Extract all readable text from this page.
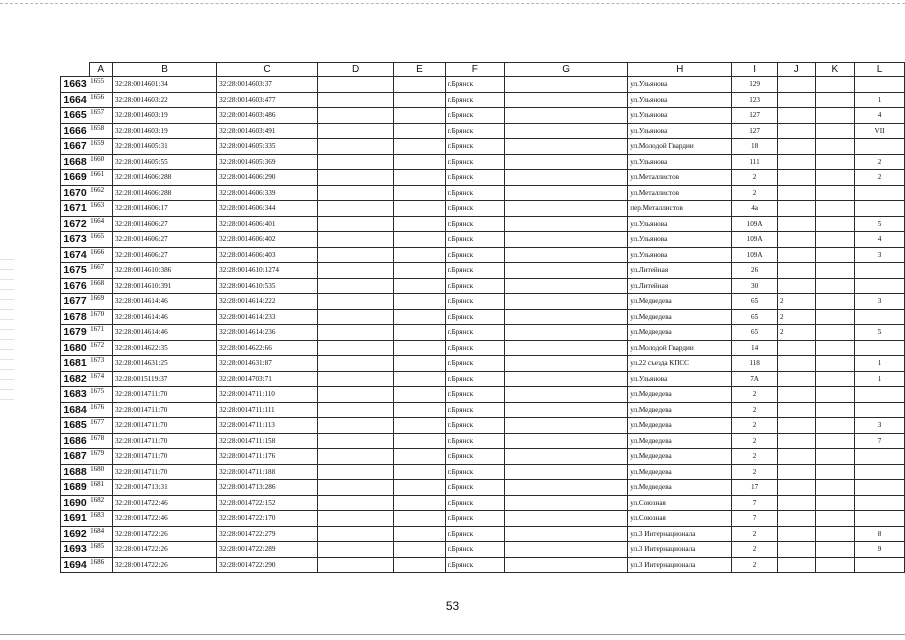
	A	B	C	D	E	F	G	H	I	J	K	L
1663	1655	32:28:0014601:34	32:28:0014603:37			г.Брянск		ул.Ульянова	129			
1664	1656	32:28:0014603:22	32:28:0014603:477			г.Брянск		ул.Ульянова	123			1
1665	1657	32:28:0014603:19	32:28:0014603:486			г.Брянск		ул.Ульянова	127			4
1666	1658	32:28:0014603:19	32:28:0014603:491			г.Брянск		ул.Ульянова	127			VII
1667	1659	32:28:0014605:31	32:28:0014605:335			г.Брянск		ул.Молодой Гвардии	18			
1668	1660	32:28:0014605:55	32:28:0014605:369			г.Брянск		ул.Ульянова	111			2
1669	1661	32:28:0014606:288	32:28:0014606:290			г.Брянск		ул.Металлистов	2			2
1670	1662	32:28:0014606:288	32:28:0014606:339			г.Брянск		ул.Металлистов	2			
1671	1663	32:28:0014606:17	32:28:0014606:344			г.Брянск		пер.Металлистов	4а			
1672	1664	32:28:0014606:27	32:28:0014606:401			г.Брянск		ул.Ульянова	109А			5
1673	1665	32:28:0014606:27	32:28:0014606:402			г.Брянск		ул.Ульянова	109А			4
1674	1666	32:28:0014606:27	32:28:0014606:403			г.Брянск		ул.Ульянова	109А			3
1675	1667	32:28:0014610:386	32:28:0014610:1274			г.Брянск		ул.Литейная	26			
1676	1668	32:28:0014610:391	32:28:0014610:535			г.Брянск		ул.Литейная	30			
1677	1669	32:28:0014614:46	32:28:0014614:222			г.Брянск		ул.Медведева	65	2		3
1678	1670	32:28:0014614:46	32:28:0014614:233			г.Брянск		ул.Медведева	65	2		
1679	1671	32:28:0014614:46	32:28:0014614:236			г.Брянск		ул.Медведева	65	2		5
1680	1672	32:28:0014622:35	32:28:0014622:66			г.Брянск		ул.Молодой Гвардии	14			
1681	1673	32:28:0014631:25	32:28:0014631:87			г.Брянск		ул.22 съезда КПСС	118			1
1682	1674	32:28:0015119:37	32:28:0014703:71			г.Брянск		ул.Ульянова	7А			1
1683	1675	32:28:0014711:70	32:28:0014711:110			г.Брянск		ул.Медведева	2			
1684	1676	32:28:0014711:70	32:28:0014711:111			г.Брянск		ул.Медведева	2			
1685	1677	32:28:0014711:70	32:28:0014711:113			г.Брянск		ул.Медведева	2			3
1686	1678	32:28:0014711:70	32:28:0014711:158			г.Брянск		ул.Медведева	2			7
1687	1679	32:28:0014711:70	32:28:0014711:176			г.Брянск		ул.Медведева	2			
1688	1680	32:28:0014711:70	32:28:0014711:188			г.Брянск		ул.Медведева	2			
1689	1681	32:28:0014713:31	32:28:0014713:286			г.Брянск		ул.Медведева	17			
1690	1682	32:28:0014722:46	32:28:0014722:152			г.Брянск		ул.Союзная	7			
1691	1683	32:28:0014722:46	32:28:0014722:170			г.Брянск		ул.Союзная	7			
1692	1684	32:28:0014722:26	32:28:0014722:279			г.Брянск		ул.3 Интернационала	2			8
1693	1685	32:28:0014722:26	32:28:0014722:289			г.Брянск		ул.3 Интернационала	2			9
1694	1686	32:28:0014722:26	32:28:0014722:290			г.Брянск		ул.3 Интернационала	2			
53
